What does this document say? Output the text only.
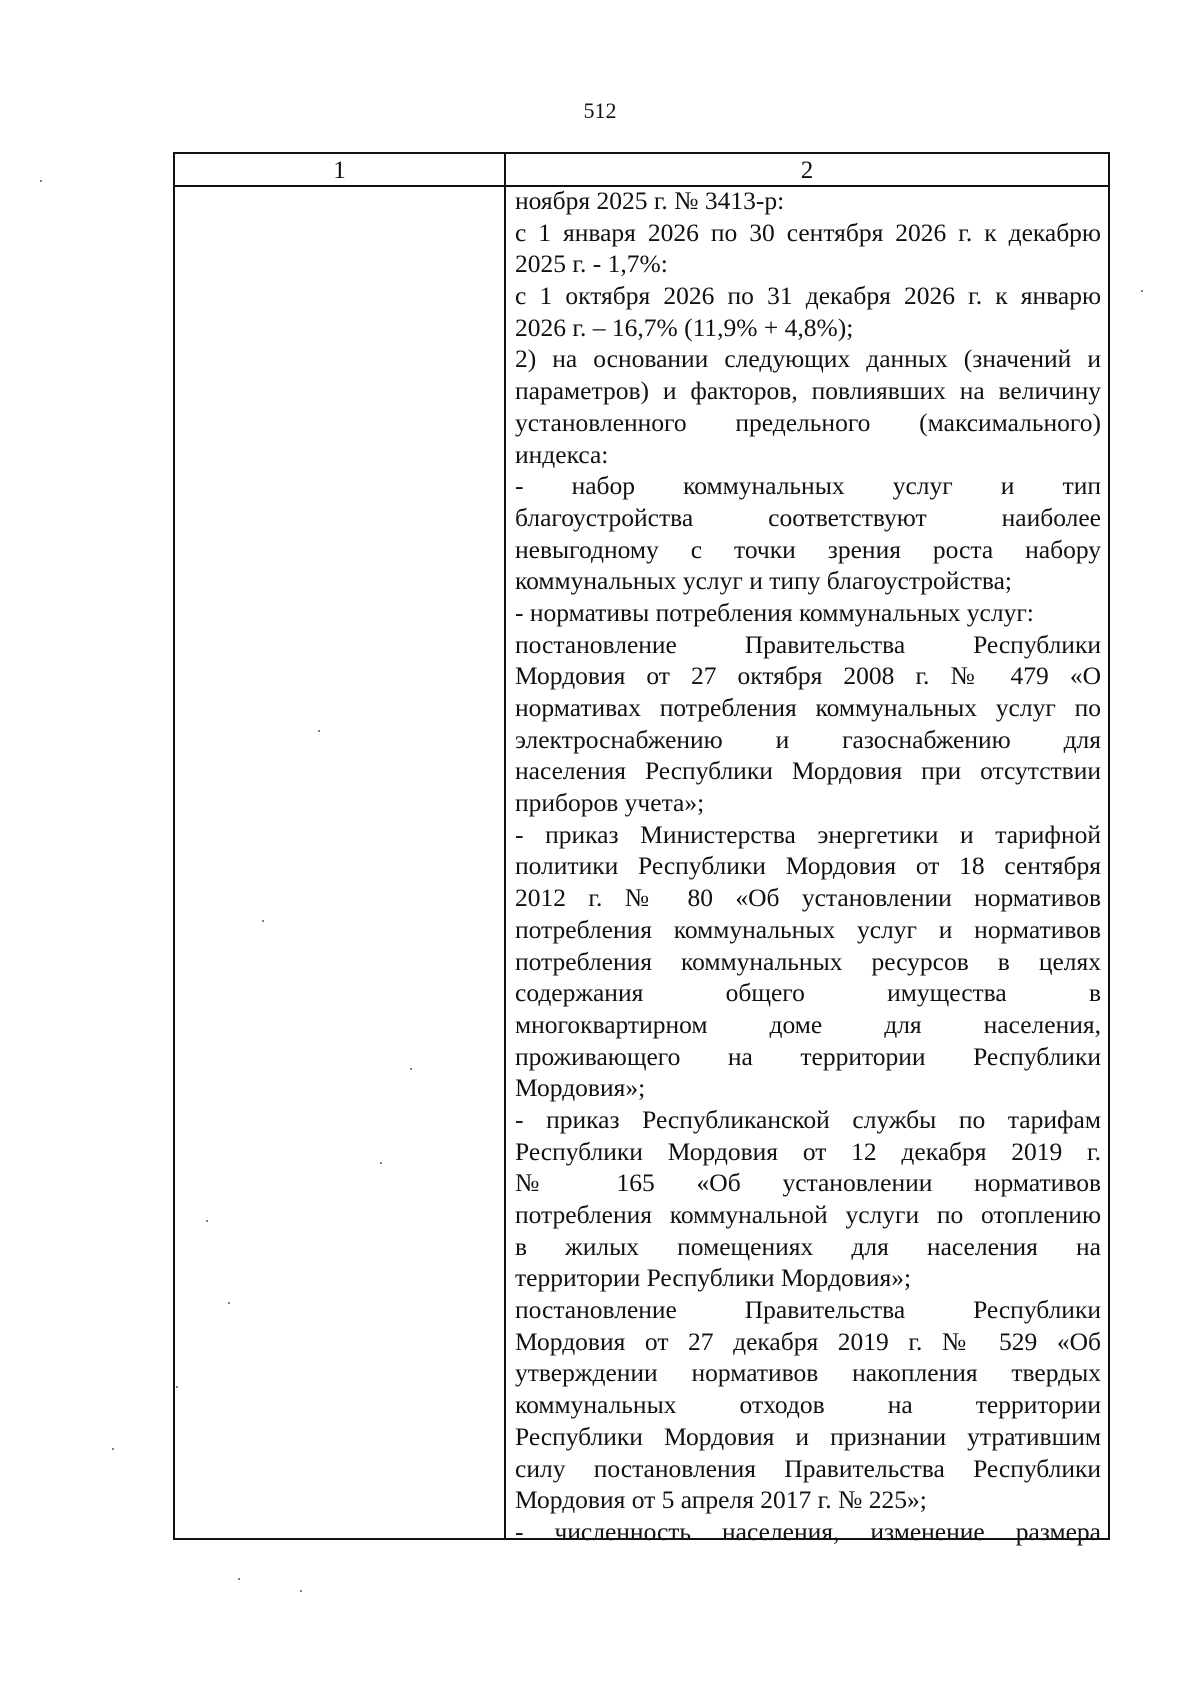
512
1	2
ноября 2025 г. № 3413-р:
с 1 января 2026 по 30 сентября 2026 г. к декабрю
2025 г. - 1,7%:
с 1 октября 2026 по 31 декабря 2026 г. к январю
2026 г. – 16,7% (11,9% + 4,8%);
2) на основании следующих данных (значений и
параметров) и факторов, повлиявших на величину
установленного предельного (максимального)
индекса:
- набор коммунальных услуг и тип
благоустройства соответствуют наиболее
невыгодному с точки зрения роста набору
коммунальных услуг и типу благоустройства;
- нормативы потребления коммунальных услуг:
постановление Правительства Республики
Мордовия от 27 октября 2008 г. № 479 «О
нормативах потребления коммунальных услуг по
электроснабжению и газоснабжению для
населения Республики Мордовия при отсутствии
приборов учета»;
- приказ Министерства энергетики и тарифной
политики Республики Мордовия от 18 сентября
2012 г. № 80 «Об установлении нормативов
потребления коммунальных услуг и нормативов
потребления коммунальных ресурсов в целях
содержания общего имущества в
многоквартирном доме для населения,
проживающего на территории Республики
Мордовия»;
- приказ Республиканской службы по тарифам
Республики Мордовия от 12 декабря 2019 г.
№ 165 «Об установлении нормативов
потребления коммунальной услуги по отоплению
в жилых помещениях для населения на
территории Республики Мордовия»;
постановление Правительства Республики
Мордовия от 27 декабря 2019 г. № 529 «Об
утверждении нормативов накопления твердых
коммунальных отходов на территории
Республики Мордовия и признании утратившим
силу постановления Правительства Республики
Мордовия от 5 апреля 2017 г. № 225»;
- численность населения, изменение размера
